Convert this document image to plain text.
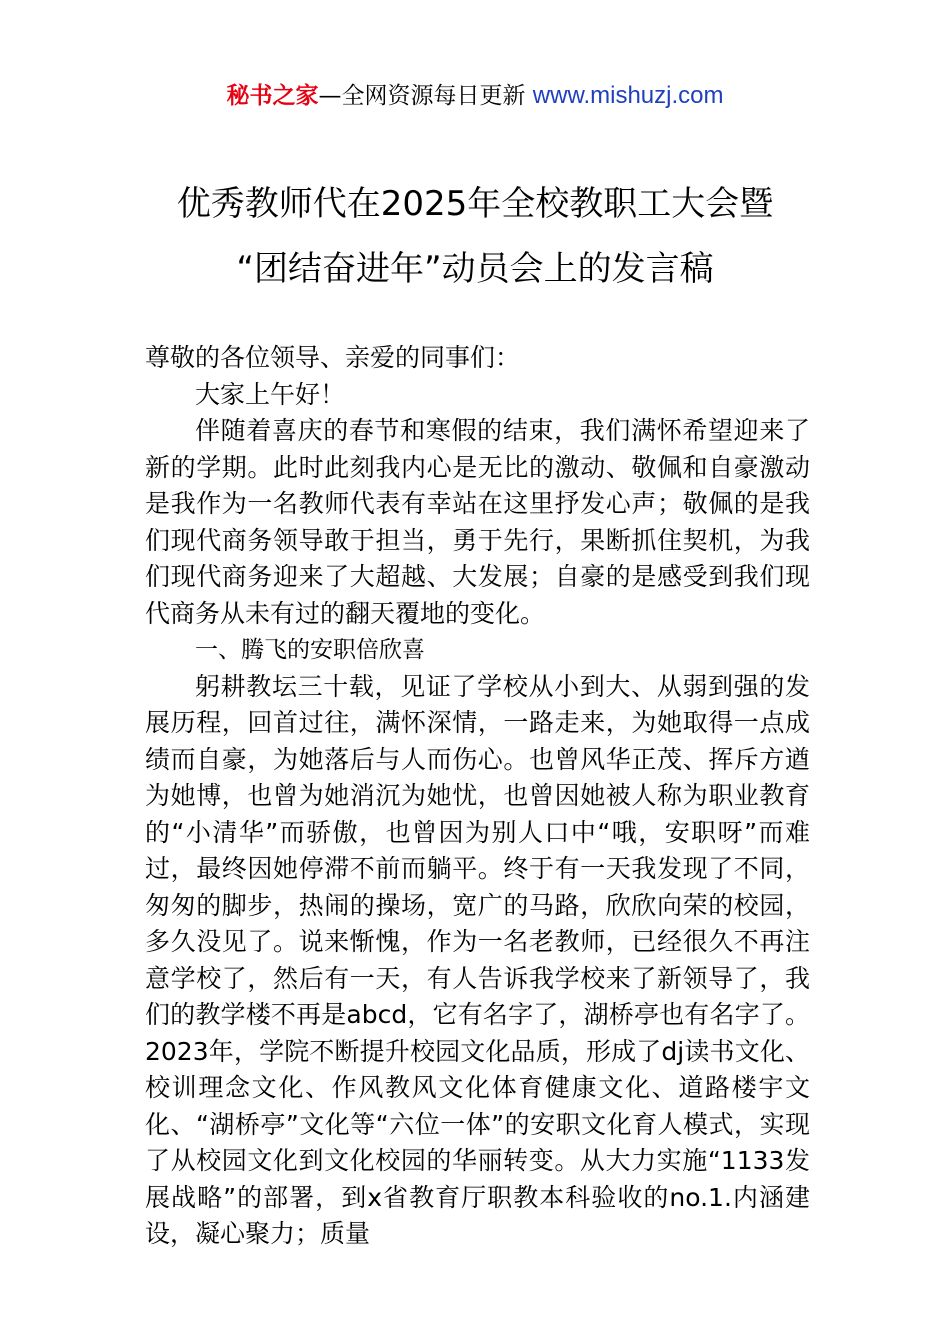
秘书之家—全网资源每日更新 www.mishuzj.com
优秀教师代在2025年全校教职工大会暨
“团结奋进年”动员会上的发言稿

尊敬的各位领导、亲爱的同事们：

大家上午好！

伴随着喜庆的春节和寒假的结束，我们满怀希望迎来了新的学期。此时此刻我内心是无比的激动、敬佩和自豪激动是我作为一名教师代表有幸站在这里抒发心声；敬佩的是我们现代商务领导敢于担当，勇于先行，果断抓住契机，为我们现代商务迎来了大超越、大发展；自豪的是感受到我们现代商务从未有过的翻天覆地的变化。

一、腾飞的安职倍欣喜

躬耕教坛三十载，见证了学校从小到大、从弱到强的发展历程，回首过往，满怀深情，一路走来，为她取得一点成绩而自豪，为她落后与人而伤心。也曾风华正茂、挥斥方遒为她博，也曾为她消沉为她忧，也曾因她被人称为职业教育的“小清华”而骄傲，也曾因为别人口中“哦，安职呀”而难过，最终因她停滞不前而躺平。终于有一天我发现了不同，匆匆的脚步，热闹的操场，宽广的马路，欣欣向荣的校园，多久没见了。说来惭愧，作为一名老教师，已经很久不再注意学校了，然后有一天，有人告诉我学校来了新领导了，我们的教学楼不再是abcd，它有名字了，湖桥亭也有名字了。2023年，学院不断提升校园文化品质，形成了dj读书文化、校训理念文化、作风教风文化体育健康文化、道路楼宇文化、“湖桥亭”文化等“六位一体”的安职文化育人模式，实现了从校园文化到文化校园的华丽转变。从大力实施“1133发展战略”的部署，到x省教育厅职教本科验收的no.1.内涵建设，凝心聚力；质量
